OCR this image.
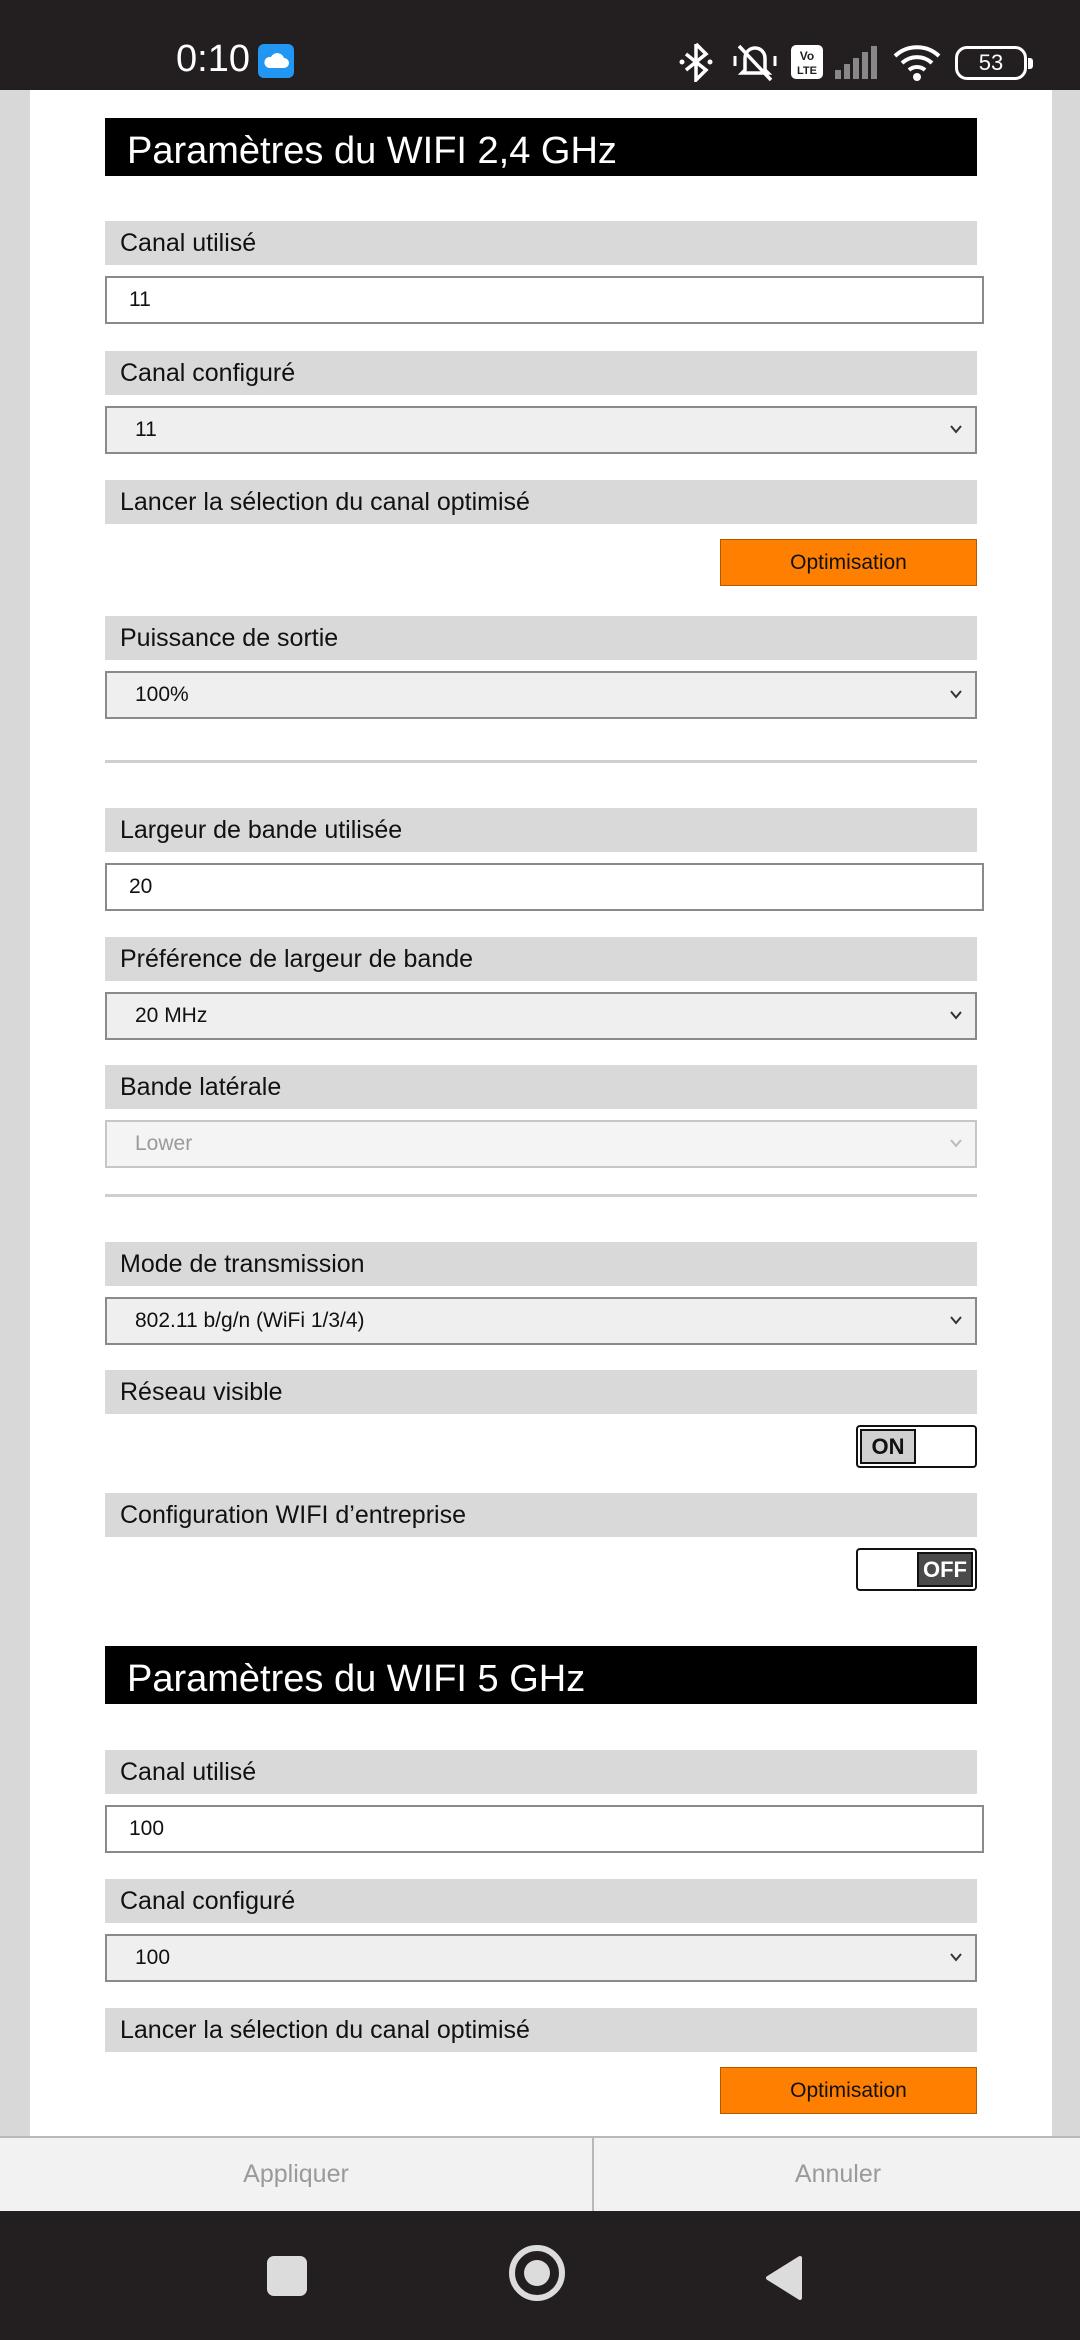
0:10	Vo
LTE	53
Paramètres du WIFI 2,4 GHz
Canal utilisé
11
Canal configuré
11
Lancer la sélection du canal optimisé
Optimisation
Puissance de sortie
100%
Largeur de bande utilisée
20
Préférence de largeur de bande
20 MHz
Bande latérale
Lower
Mode de transmission
802.11 b/g/n (WiFi 1/3/4)
Réseau visible
ON
Configuration WIFI d’entreprise
OFF
Paramètres du WIFI 5 GHz
Canal utilisé
100
Canal configuré
100
Lancer la sélection du canal optimisé
Optimisation
Appliquer	Annuler
